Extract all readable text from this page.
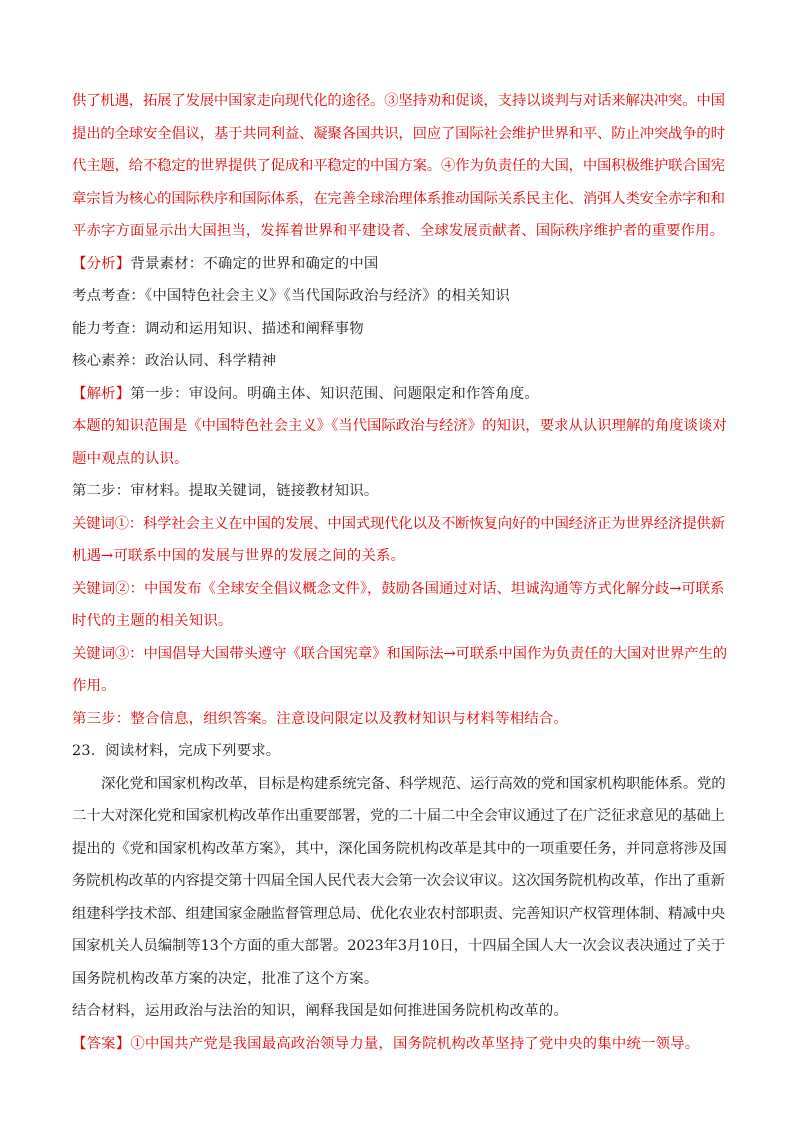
供了机遇，拓展了发展中国家走向现代化的途径。③坚持劝和促谈，支持以谈判与对话来解决冲突。中国

提出的全球安全倡议，基于共同利益、凝聚各国共识，回应了国际社会维护世界和平、防止冲突战争的时

代主题，给不稳定的世界提供了促成和平稳定的中国方案。④作为负责任的大国，中国积极维护联合国宪

章宗旨为核心的国际秩序和国际体系，在完善全球治理体系推动国际关系民主化、消弭人类安全赤字和和

平赤字方面显示出大国担当，发挥着世界和平建设者、全球发展贡献者、国际秩序维护者的重要作用。

【分析】背景素材：不确定的世界和确定的中国

考点考查：《中国特色社会主义》《当代国际政治与经济》的相关知识

能力考查：调动和运用知识、描述和阐释事物

核心素养：政治认同、科学精神

【解析】第一步：审设问。明确主体、知识范围、问题限定和作答角度。

本题的知识范围是《中国特色社会主义》《当代国际政治与经济》的知识，要求从认识理解的角度谈谈对

题中观点的认识。

第二步：审材料。提取关键词，链接教材知识。

关键词①：科学社会主义在中国的发展、中国式现代化以及不断恢复向好的中国经济正为世界经济提供新

机遇→可联系中国的发展与世界的发展之间的关系。

关键词②：中国发布《全球安全倡议概念文件》，鼓励各国通过对话、坦诚沟通等方式化解分歧→可联系

时代的主题的相关知识。

关键词③：中国倡导大国带头遵守《联合国宪章》和国际法→可联系中国作为负责任的大国对世界产生的

作用。

第三步：整合信息，组织答案。注意设问限定以及教材知识与材料等相结合。

23．阅读材料，完成下列要求。

深化党和国家机构改革，目标是构建系统完备、科学规范、运行高效的党和国家机构职能体系。党的

二十大对深化党和国家机构改革作出重要部署，党的二十届二中全会审议通过了在广泛征求意见的基础上

提出的《党和国家机构改革方案》，其中，深化国务院机构改革是其中的一项重要任务，并同意将涉及国

务院机构改革的内容提交第十四届全国人民代表大会第一次会议审议。这次国务院机构改革，作出了重新

组建科学技术部、组建国家金融监督管理总局、优化农业农村部职责、完善知识产权管理体制、精减中央

国家机关人员编制等13个方面的重大部署。2023年3月10日，十四届全国人大一次会议表决通过了关于

国务院机构改革方案的决定，批准了这个方案。

结合材料，运用政治与法治的知识，阐释我国是如何推进国务院机构改革的。

【答案】①中国共产党是我国最高政治领导力量，国务院机构改革坚持了党中央的集中统一领导。
